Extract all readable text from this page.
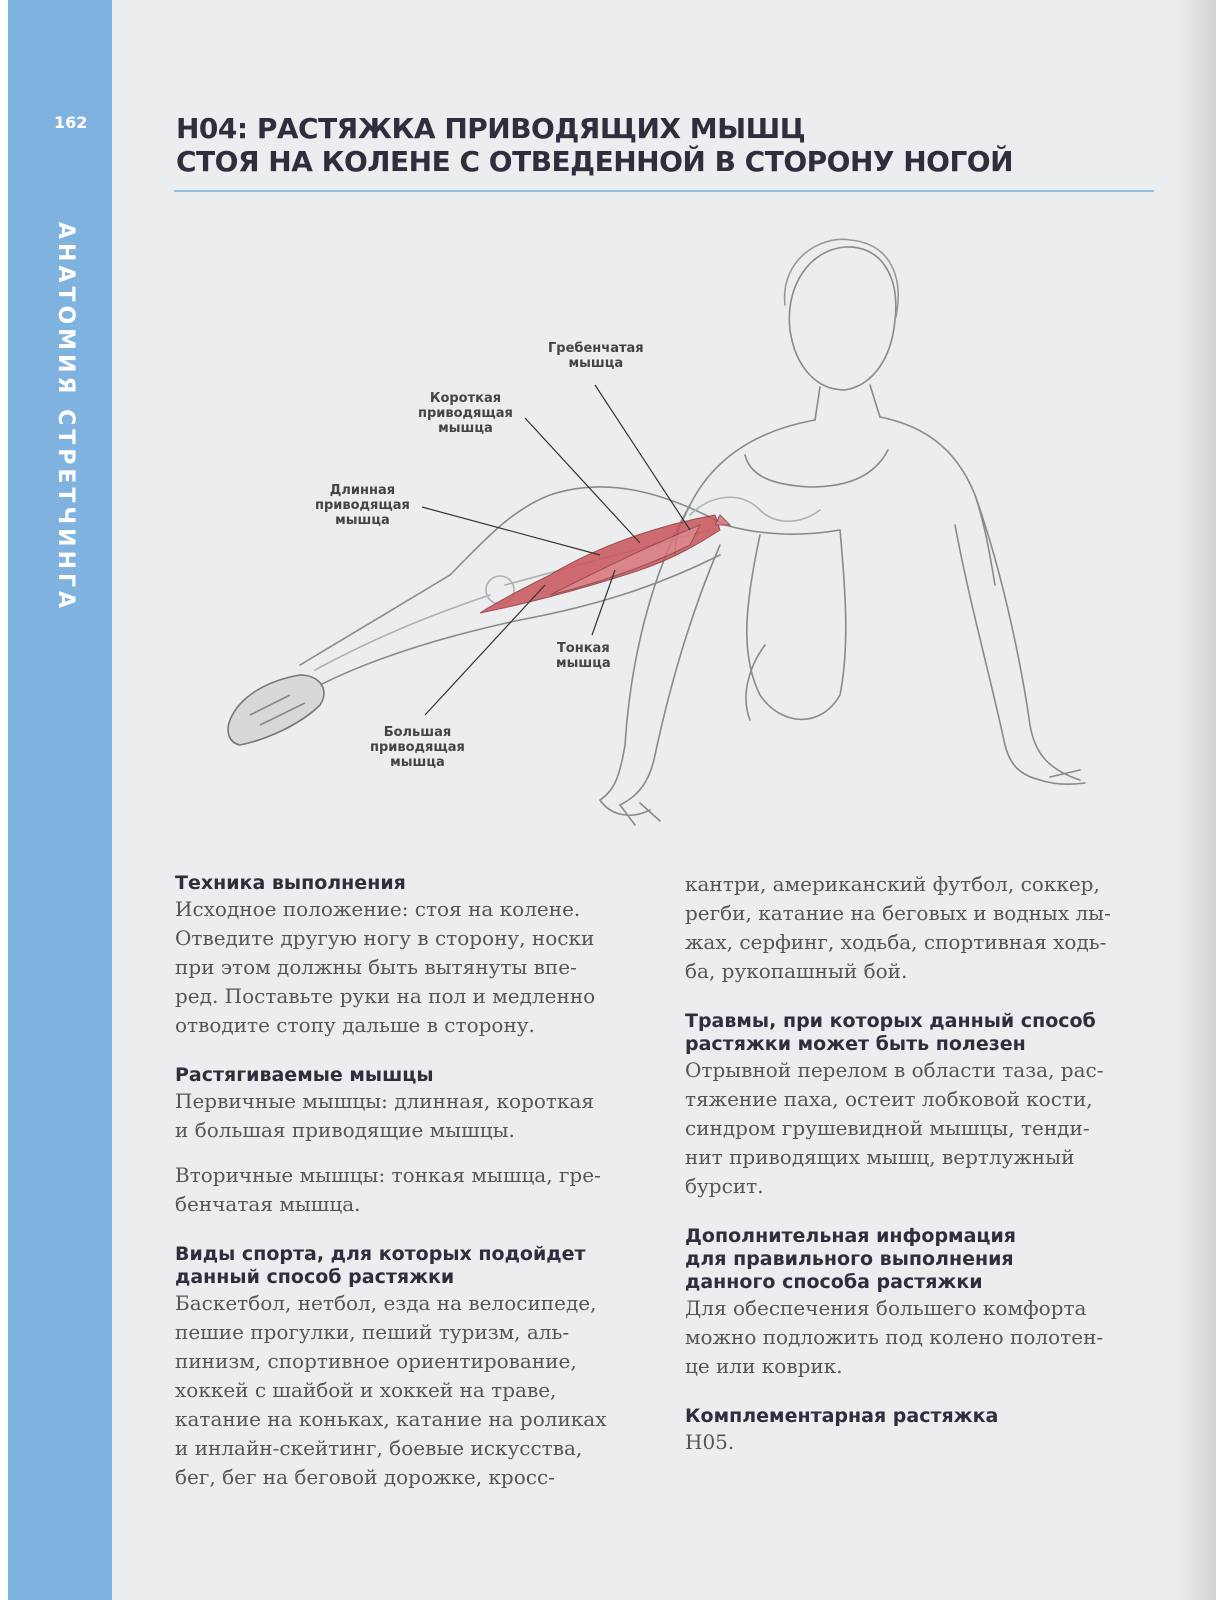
162
АНАТОМИЯ СТРЕТЧИНГА
Н04: РАСТЯЖКА ПРИВОДЯЩИХ МЫШЦ
СТОЯ НА КОЛЕНЕ С ОТВЕДЕННОЙ В СТОРОНУ НОГОЙ
Гребенчатая
мышца
Короткая
приводящая
мышца
Длинная
приводящая
мышца
Тонкая
мышца
Большая
приводящая
мышца
Техника выполнения

Исходное положение: стоя на колене.
Отведите другую ногу в сторону, носки
при этом должны быть вытянуты впе-
ред. Поставьте руки на пол и медленно
отводите стопу дальше в сторону.

Растягиваемые мышцы

Первичные мышцы: длинная, короткая
и большая приводящие мышцы.

Вторичные мышцы: тонкая мышца, гре-
бенчатая мышца.

Виды спорта, для которых подойдет
данный способ растяжки

Баскетбол, нетбол, езда на велосипеде,
пешие прогулки, пеший туризм, аль-
пинизм, спортивное ориентирование,
хоккей с шайбой и хоккей на траве,
катание на коньках, катание на роликах
и инлайн-скейтинг, боевые искусства,
бег, бег на беговой дорожке, кросс-

кантри, американский футбол, соккер,
регби, катание на беговых и водных лы-
жах, серфинг, ходьба, спортивная ходь-
ба, рукопашный бой.

Травмы, при которых данный способ
растяжки может быть полезен

Отрывной перелом в области таза, рас-
тяжение паха, остеит лобковой кости,
синдром грушевидной мышцы, тенди-
нит приводящих мышц, вертлужный
бурсит.

Дополнительная информация
для правильного выполнения
данного способа растяжки

Для обеспечения большего комфорта
можно подложить под колено полотен-
це или коврик.

Комплементарная растяжка

Н05.
